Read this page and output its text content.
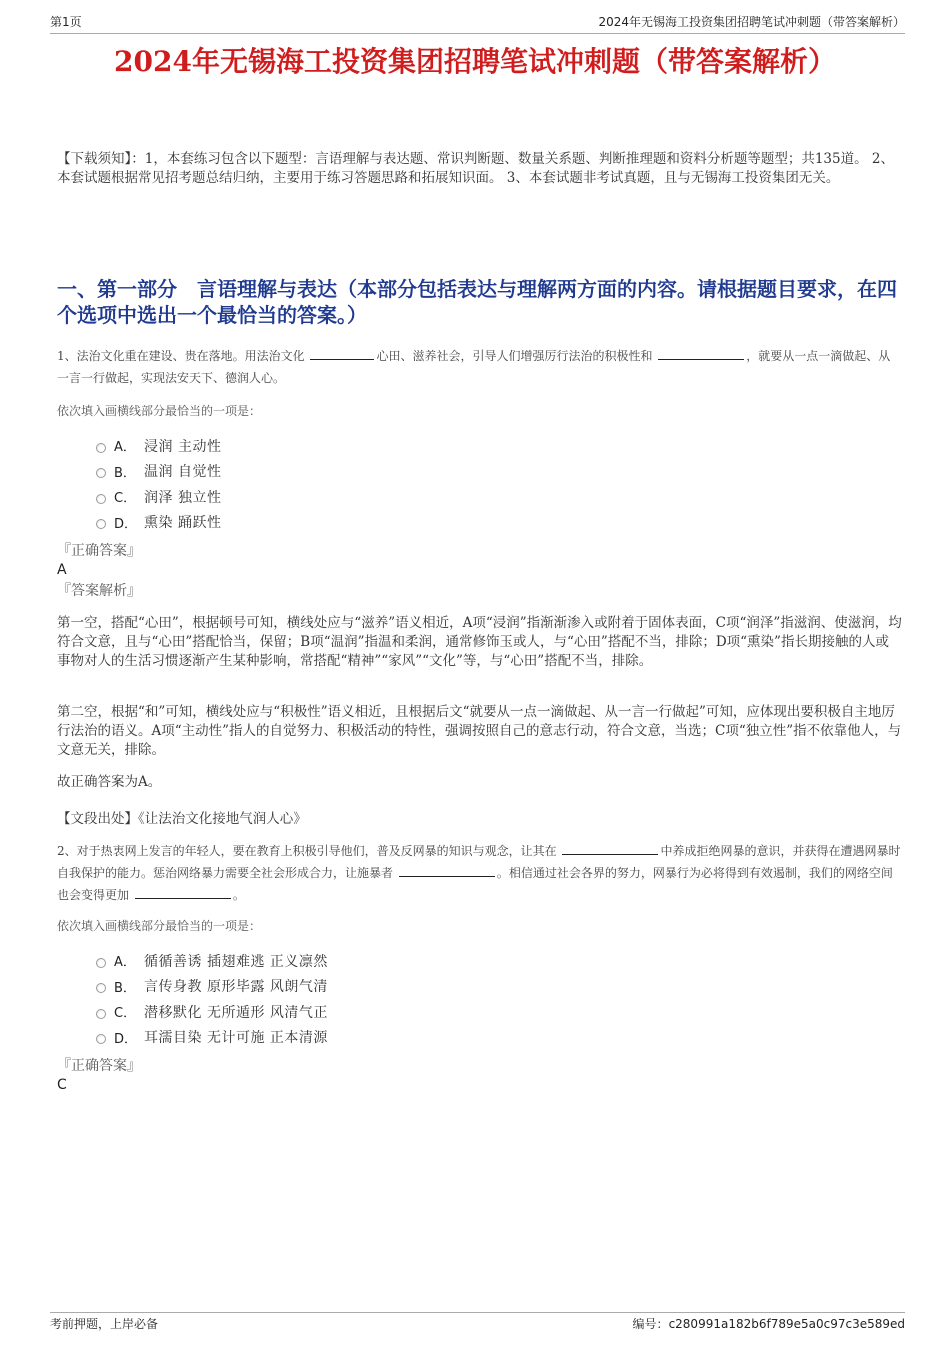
第1页	2024年无锡海工投资集团招聘笔试冲刺题（带答案解析）
2024年无锡海工投资集团招聘笔试冲刺题（带答案解析）

【下载须知】：1，本套练习包含以下题型：言语理解与表达题、常识判断题、数量关系题、判断推理题和资料分析题等题型；共135道。 2、本套试题根据常见招考题总结归纳，主要用于练习答题思路和拓展知识面。 3、本套试题非考试真题，且与无锡海工投资集团无关。

一、第一部分　言语理解与表达（本部分包括表达与理解两方面的内容。请根据题目要求，在四个选项中选出一个最恰当的答案。）

1、法治文化重在建设、贵在落地。用法治文化	心田、滋养社会，引导人们增强厉行法治的积极性和	，就要从一点一滴做起、从一言一行做起，实现法安天下、德润人心。

依次填入画横线部分最恰当的一项是：

A． 浸润 主动性
B． 温润 自觉性
C． 润泽 独立性
D． 熏染 踊跃性

『正确答案』

A

『答案解析』

第一空，搭配“心田”，根据顿号可知，横线处应与“滋养”语义相近，A项“浸润”指渐渐渗入或附着于固体表面，C项“润泽”指滋润、使滋润，均符合文意，且与“心田”搭配恰当，保留；B项“温润”指温和柔润，通常修饰玉或人，与“心田”搭配不当，排除；D项“熏染”指长期接触的人或事物对人的生活习惯逐渐产生某种影响，常搭配“精神”“家风”“文化”等，与“心田”搭配不当，排除。

第二空，根据“和”可知，横线处应与“积极性”语义相近，且根据后文“就要从一点一滴做起、从一言一行做起”可知，应体现出要积极自主地厉行法治的语义。A项“主动性”指人的自觉努力、积极活动的特性，强调按照自己的意志行动，符合文意，当选；C项“独立性”指不依靠他人，与文意无关，排除。

故正确答案为A。

【文段出处】《让法治文化接地气润人心》

2、对于热衷网上发言的年轻人，要在教育上积极引导他们，普及反网暴的知识与观念，让其在	中养成拒绝网暴的意识，并获得在遭遇网暴时自我保护的能力。惩治网络暴力需要全社会形成合力，让施暴者	。相信通过社会各界的努力，网暴行为必将得到有效遏制，我们的网络空间也会变得更加	。

依次填入画横线部分最恰当的一项是：

A． 循循善诱 插翅难逃 正义凛然
B． 言传身教 原形毕露 风朗气清
C． 潜移默化 无所遁形 风清气正
D． 耳濡目染 无计可施 正本清源

『正确答案』

C

考前押题，上岸必备	编号：c280991a182b6f789e5a0c97c3e589ed
